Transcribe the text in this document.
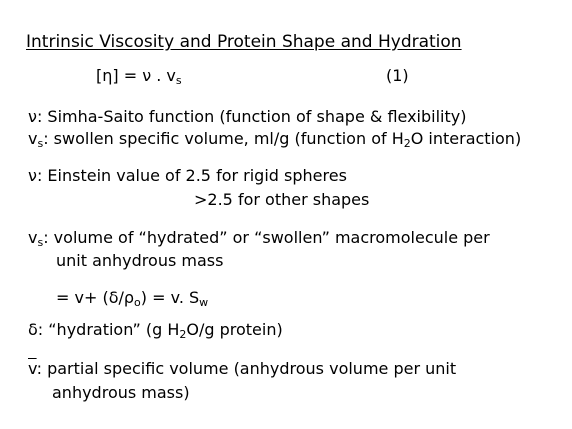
Intrinsic Viscosity and Protein Shape and Hydration
[η] = ν . $v_s$	(1)
ν: Simha-Saito function (function of shape & flexibility)
$v_s$: swollen specific volume, ml/g (function of $H_2O$ interaction)
ν: Einstein value of 2.5 for rigid spheres
>2.5 for other shapes
$v_s$: volume of “hydrated” or “swollen” macromolecule per
unit anhydrous mass
= $v+ (\delta/\rho_o) = v$. $S_w$
δ: “hydration” (g $H_2O/g$ protein)
$\overline{v}$: partial specific volume (anhydrous volume per unit
anhydrous mass)
